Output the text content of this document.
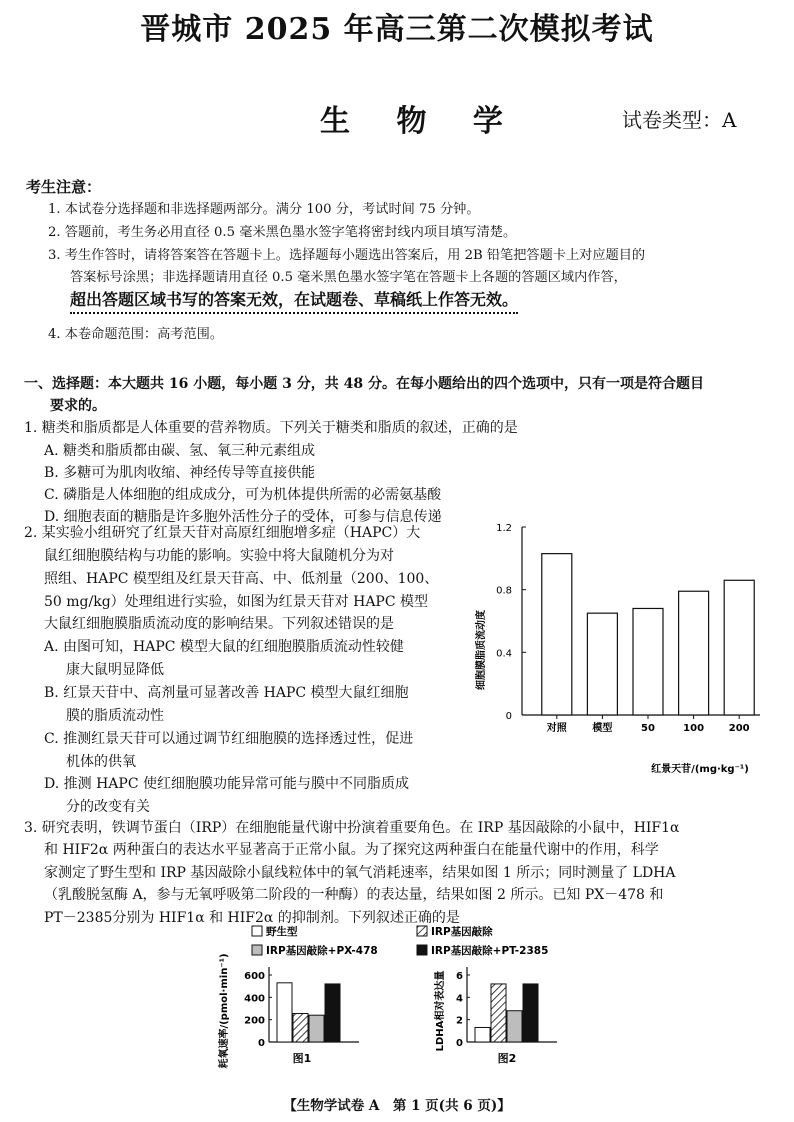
晋城市 2025 年高三第二次模拟考试
生 物 学	试卷类型：A
考生注意：
1. 本试卷分选择题和非选择题两部分。满分 100 分，考试时间 75 分钟。
2. 答题前，考生务必用直径 0.5 毫米黑色墨水签字笔将密封线内项目填写清楚。
3. 考生作答时，请将答案答在答题卡上。选择题每小题选出答案后，用 2B 铅笔把答题卡上对应题目的
答案标号涂黑；非选择题请用直径 0.5 毫米黑色墨水签字笔在答题卡上各题的答题区域内作答，
超出答题区域书写的答案无效，在试题卷、草稿纸上作答无效。
4. 本卷命题范围：高考范围。
一、选择题：本大题共 16 小题，每小题 3 分，共 48 分。在每小题给出的四个选项中，只有一项是符合题目
要求的。
1. 糖类和脂质都是人体重要的营养物质。下列关于糖类和脂质的叙述，正确的是
A. 糖类和脂质都由碳、氢、氧三种元素组成
B. 多糖可为肌肉收缩、神经传导等直接供能
C. 磷脂是人体细胞的组成成分，可为机体提供所需的必需氨基酸
D. 细胞表面的糖脂是许多胞外活性分子的受体，可参与信息传递
2. 某实验小组研究了红景天苷对高原红细胞增多症（HAPC）大
鼠红细胞膜结构与功能的影响。实验中将大鼠随机分为对
照组、HAPC 模型组及红景天苷高、中、低剂量（200、100、
50 mg/kg）处理组进行实验，如图为红景天苷对 HAPC 模型
大鼠红细胞膜脂质流动度的影响结果。下列叙述错误的是
A. 由图可知，HAPC 模型大鼠的红细胞膜脂质流动性较健
康大鼠明显降低
B. 红景天苷中、高剂量可显著改善 HAPC 模型大鼠红细胞
膜的脂质流动性
C. 推测红景天苷可以通过调节红细胞膜的选择透过性，促进
机体的供氧
D. 推测 HAPC 使红细胞膜功能异常可能与膜中不同脂质成
分的改变有关
0
0.4
0.8
1.2
对照	模型	50	100 200
细胞膜脂质流动度
红景天苷/(mg·kg⁻¹)
3. 研究表明，铁调节蛋白（IRP）在细胞能量代谢中扮演着重要角色。在 IRP 基因敲除的小鼠中，HIF1α
和 HIF2α 两种蛋白的表达水平显著高于正常小鼠。为了探究这两种蛋白在能量代谢中的作用，科学
家测定了野生型和 IRP 基因敲除小鼠线粒体中的氧气消耗速率，结果如图 1 所示；同时测量了 LDHA
（乳酸脱氢酶 A，参与无氧呼吸第二阶段的一种酶）的表达量，结果如图 2 所示。已知 PX－478 和
PT－2385分别为 HIF1α 和 HIF2α 的抑制剂。下列叙述正确的是
野生型	IRP基因敲除
IRP基因敲除+PX-478	IRP基因敲除+PT-2385
0
200
400
600
耗氧速率/(pmol·min⁻¹)	图1
0
2
4
6
LDHA相对表达量
图2
【生物学试卷 A　第 1 页(共 6 页)】
